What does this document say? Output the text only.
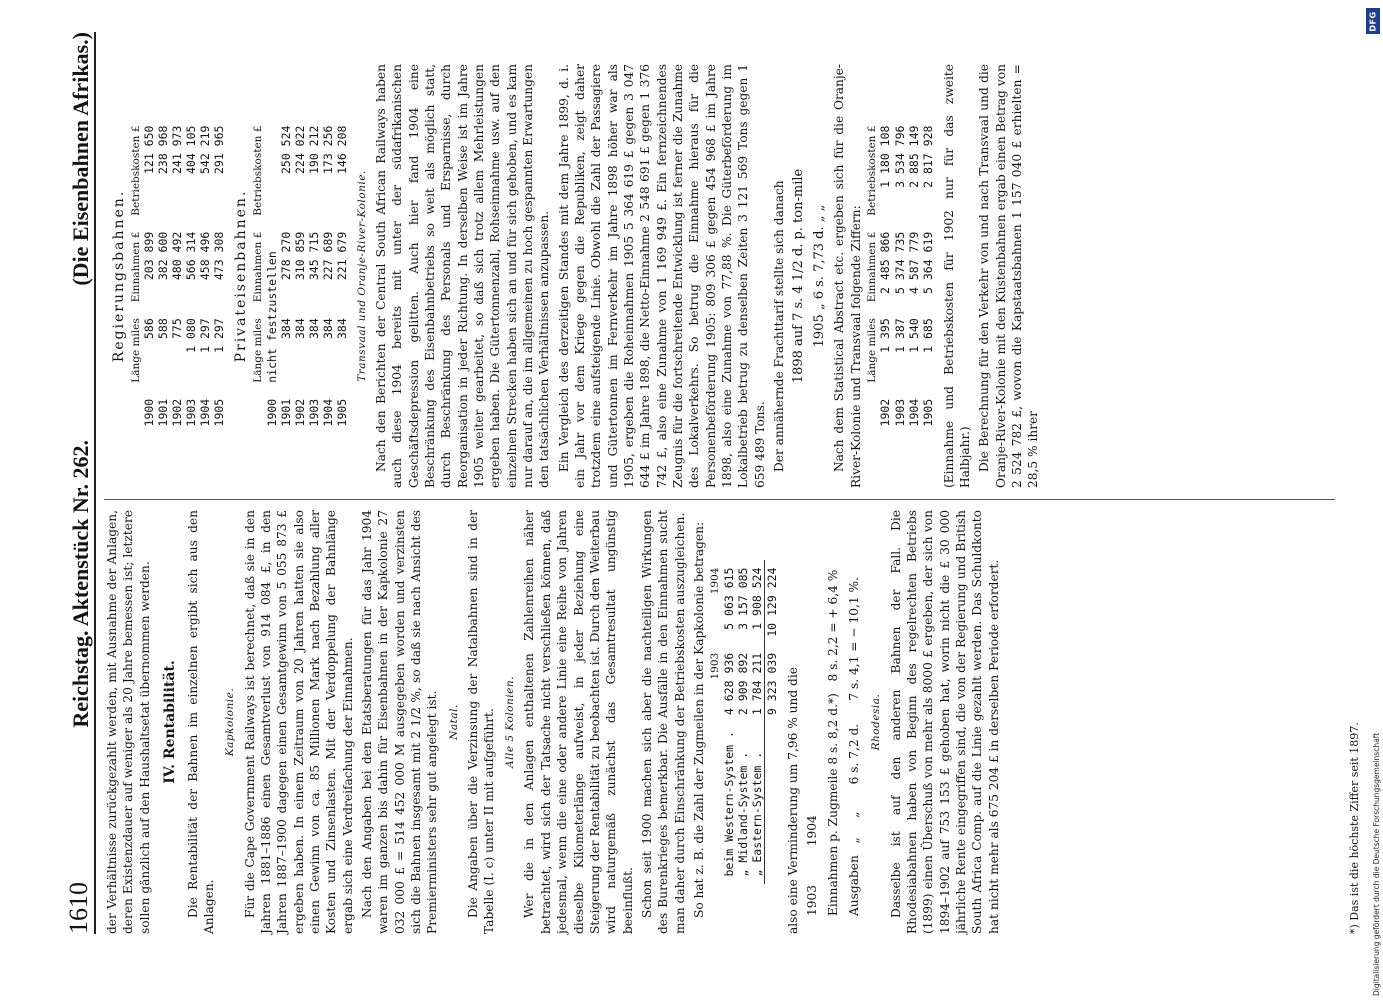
1610
Reichstag. Aktenstück Nr. 262.
(Die Eisenbahnen Afrikas.)

der Verhältnisse zurückgezahlt werden, mit Ausnahme der Anlagen, deren Existenzdauer auf weniger als 20 Jahre bemessen ist; letztere sollen gänzlich auf den Haushaltsetat übernommen werden. IV. Rentabilität. Die Rentabilität der Bahnen im einzelnen ergibt sich aus den Anlagen.

Kapkolonie. Für die Cape Government Railways ist berechnet, daß sie in den Jahren 1881–1886 einen Gesamtverlust von 914 084 £, in den Jahren 1887–1900 dagegen einen Gesamtgewinn von 5 055 873 £ ergeben haben. In einem Zeitraum von 20 Jahren hatten sie also einen Gewinn von ca. 85 Millionen Mark nach Bezahlung aller Kosten und Zinsenlasten. Mit der Verdoppelung der Bahnlänge ergab sich eine Verdreifachung der Einnahmen. Nach den Angaben bei den Etatsberatungen für das Jahr 1904 waren im ganzen bis dahin für Eisenbahnen in der Kapkolonie 27 032 000 £ = 514 452 000 M ausgegeben worden und verzinsten sich die Bahnen insgesamt mit 2 1/2 %, so daß sie nach Ansicht des Premierministers sehr gut angelegt ist. Natal. Die Angaben über die Verzinsung der Natalbahnen sind in der Tabelle (I. c) unter II mit aufgeführt. Alle 5 Kolonien. Wer die in den Anlagen enthaltenen Zahlenreihen näher betrachtet, wird sich der Tatsache nicht verschließen können, daß jedesmal, wenn die eine oder andere Linie eine Reihe von Jahren dieselbe Kilometerlänge aufweist, in jeder Beziehung eine Steigerung der Rentabilität zu beobachten ist. Durch den Weiterbau wird naturgemäß zunächst das Gesamtresultat ungünstig beeinflußt. Schon seit 1900 machen sich aber die nachteiligen Wirkungen des Burenkrieges bemerkbar. Die Ausfälle in den Einnahmen sucht man daher durch Einschränkung der Betriebskosten auszugleichen. So hat z. B. die Zahl der Zugmeilen in der Kapkolonie betragen:

	1903	1904
beim Western-System .	4 628 936	5 063 615
„ Midland-System .	2 909 892	3 157 085
„ Eastern-System .	1 784 211	1 908 524
	9 323 039	10 129 224

also eine Verminderung um 7,96 % und die 1903          1904 Einnahmen p. Zugmeile 8 s. 8,2 d.*)   8 s. 2,2 = + 6,4 % Ausgaben   „     „       6 s. 7,2 d.      7 s. 4,1 = − 10,1 %. Rhodesia. Dasselbe ist auf den anderen Bahnen der Fall. Die Rhodesiabahnen haben von Beginn des regelrechten Betriebs (1899) einen Überschuß von mehr als 8000 £ ergeben, der sich von 1894–1902 auf 753 153 £ gehoben hat, worin nicht die £ 30 000 jährliche Rente eingegriffen sind, die von der Regierung und British South Africa Comp. auf die Linie gezahlt werden. Das Schuldkonto hat nicht mehr als 675 204 £ in derselben Periode erfordert.

Regierungsbahnen.
	Länge miles	Einnahmen £	Betriebskosten £
1900	586	203 899	121 650
1901	588	382 600	238 968
1902	775	480 492	241 973
1903	1 080	566 314	404 105
1904	1 297	458 496	542 219
1905	1 297	473 308	291 965
Privateisenbahnen.
	Länge miles	Einnahmen £	Betriebskosten £
1900	nicht festzustellen		
1901	384	278 270	250 524
1902	384	310 859	224 022
1903	384	345 715	190 212
1904	384	227 689	173 256
1905	384	221 679	146 208
Transvaal und Oranje-River-Kolonie. Nach den Berichten der Central South African Railways haben auch diese 1904 bereits mit unter der südafrikanischen Geschäftsdepression gelitten. Auch hier fand 1904 eine Beschränkung des Eisenbahnbetriebs so weit als möglich statt, durch Beschränkung des Personals und Ersparnisse, durch Reorganisation in jeder Richtung. In derselben Weise ist im Jahre 1905 weiter gearbeitet, so daß sich trotz allem Mehrleistungen ergeben haben. Die Gütertonnenzahl, Rohseinnahme usw. auf den einzelnen Strecken haben sich an und für sich gehoben, und es kam nur darauf an, die im allgemeinen zu hoch gespannten Erwartungen den tatsächlichen Verhältnissen anzupassen. Ein Vergleich des derzeitigen Standes mit dem Jahre 1899, d. i. ein Jahr vor dem Kriege gegen die Republiken, zeigt daher trotzdem eine aufsteigende Linie. Obwohl die Zahl der Passagiere und Gütertonnen im Fernverkehr im Jahre 1898 höher war als 1905, ergeben die Roheinnahmen 1905 5 364 619 £ gegen 3 047 644 £ im Jahre 1898, die Netto-Einnahme 2 548 691 £ gegen 1 376 742 £, also eine Zunahme von 1 169 949 £. Ein fernzeichnendes Zeugnis für die fortschreitende Entwicklung ist ferner die Zunahme des Lokalverkehrs. So betrug die Einnahme hieraus für die Personenbeförderung 1905: 809 306 £ gegen 454 968 £ im Jahre 1898, also eine Zunahme von 77,88 %. Die Güterbeförderung im Lokalbetrieb betrug zu denselben Zeiten 3 121 569 Tons gegen 1 659 489 Tons. Der annähernde Frachttarif stellte sich danach 1898 auf 7 s. 4 1/2 d. p. ton-mile 1905 „ 6 s. 7,73 d. „ „ Nach dem Statistical Abstract etc. ergeben sich für die Oranje-River-Kolonie und Transvaal folgende Ziffern:

	Länge miles	Einnahmen £	Betriebskosten £
1902	1 395	2 485 866	1 180 108
1903	1 387	5 374 735	3 534 796
1904	1 540	4 587 779	2 885 149
1905	1 685	5 364 619	2 817 928 (Einnahme und Betriebskosten für 1902 nur für das zweite Halbjahr.) Die Berechnung für den Verkehr von und nach Transvaal und die Oranje-River-Kolonie mit den Küstenbahnen ergab einen Betrag von 2 524 782 £, wovon die Kapstaatsbahnen 1 157 040 £ erhielten = 28,5 % ihrer

*) Das ist die höchste Ziffer seit 1897. Digitalisierung gefördert durch die Deutsche Forschungsgemeinschaft
DFG
